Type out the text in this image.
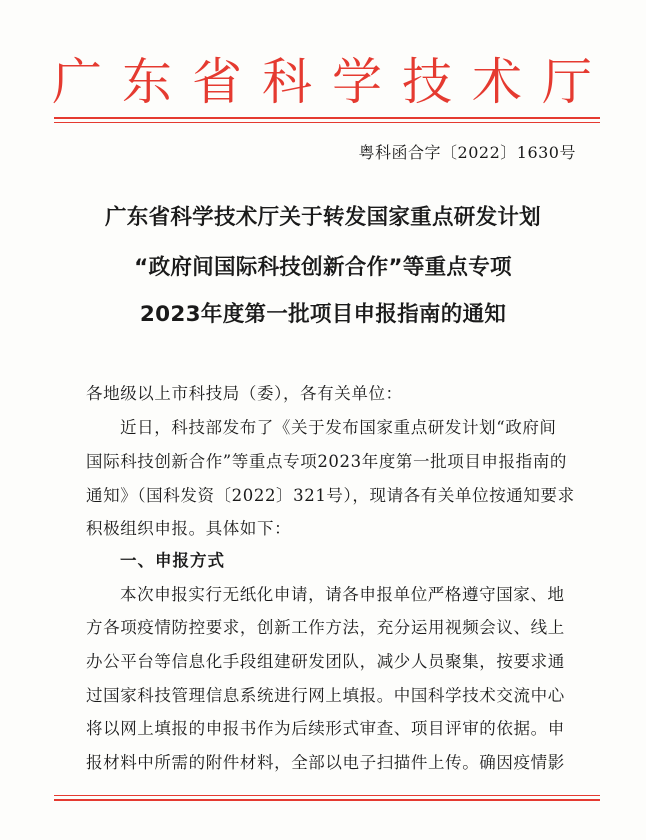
广东省科学技术厅
粤科函合字〔2022〕1630号
广东省科学技术厅关于转发国家重点研发计划
“政府间国际科技创新合作”等重点专项
2023年度第一批项目申报指南的通知
各地级以上市科技局（委），各有关单位：
近日，科技部发布了《关于发布国家重点研发计划“政府间
国际科技创新合作”等重点专项2023年度第一批项目申报指南的
通知》（国科发资〔2022〕321号），现请各有关单位按通知要求
积极组织申报。具体如下：
一、申报方式
本次申报实行无纸化申请，请各申报单位严格遵守国家、地
方各项疫情防控要求，创新工作方法，充分运用视频会议、线上
办公平台等信息化手段组建研发团队，减少人员聚集，按要求通
过国家科技管理信息系统进行网上填报。中国科学技术交流中心
将以网上填报的申报书作为后续形式审查、项目评审的依据。申
报材料中所需的附件材料，全部以电子扫描件上传。确因疫情影
